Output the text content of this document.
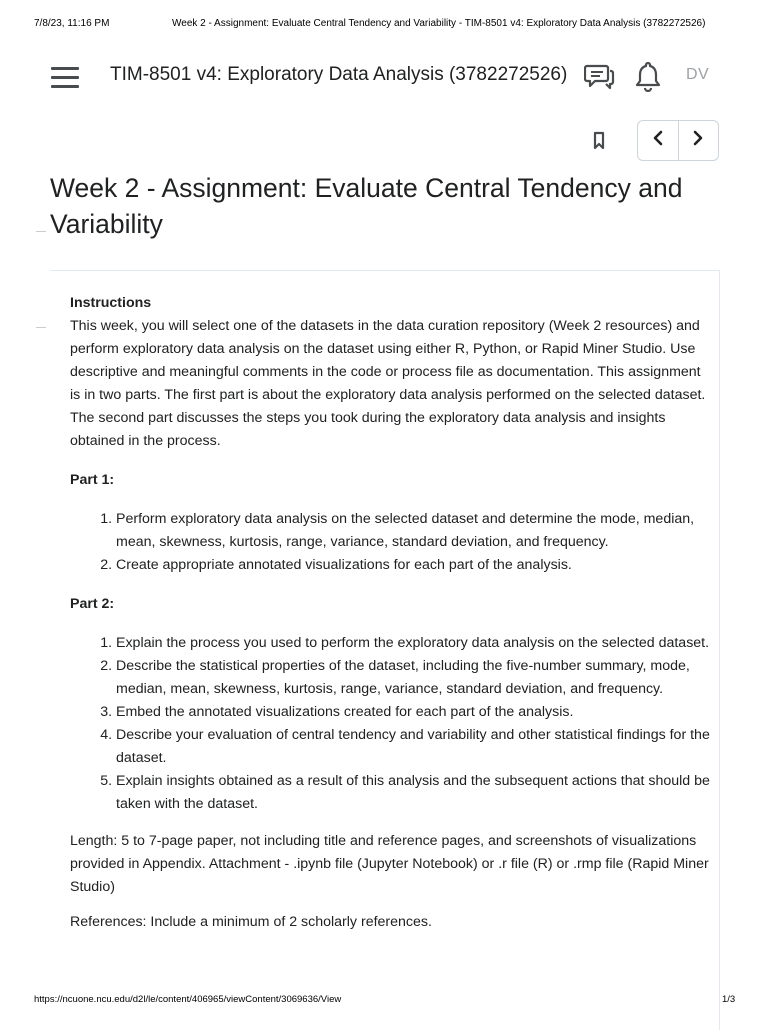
7/8/23, 11:16 PM	Week 2 - Assignment: Evaluate Central Tendency and Variability - TIM-8501 v4: Exploratory Data Analysis (3782272526)
TIM-8501 v4: Exploratory Data Analysis (3782272526)	DV
Week 2 - Assignment: Evaluate Central Tendency and Variability

Instructions

This week, you will select one of the datasets in the data curation repository (Week 2 resources) and perform exploratory data analysis on the dataset using either R, Python, or Rapid Miner Studio. Use descriptive and meaningful comments in the code or process file as documentation. This assignment is in two parts. The first part is about the exploratory data analysis performed on the selected dataset. The second part discusses the steps you took during the exploratory data analysis and insights obtained in the process.

Part 1:

1. Perform exploratory data analysis on the selected dataset and determine the mode, median, mean, skewness, kurtosis, range, variance, standard deviation, and frequency.
2. Create appropriate annotated visualizations for each part of the analysis.

Part 2:

1. Explain the process you used to perform the exploratory data analysis on the selected dataset.
2. Describe the statistical properties of the dataset, including the five-number summary, mode, median, mean, skewness, kurtosis, range, variance, standard deviation, and frequency.
3. Embed the annotated visualizations created for each part of the analysis.
4. Describe your evaluation of central tendency and variability and other statistical findings for the dataset.
5. Explain insights obtained as a result of this analysis and the subsequent actions that should be taken with the dataset.

Length: 5 to 7-page paper, not including title and reference pages, and screenshots of visualizations provided in Appendix. Attachment - .ipynb file (Jupyter Notebook) or .r file (R) or .rmp file (Rapid Miner Studio)

References: Include a minimum of 2 scholarly references.

https://ncuone.ncu.edu/d2l/le/content/406965/viewContent/3069636/View	1/3
